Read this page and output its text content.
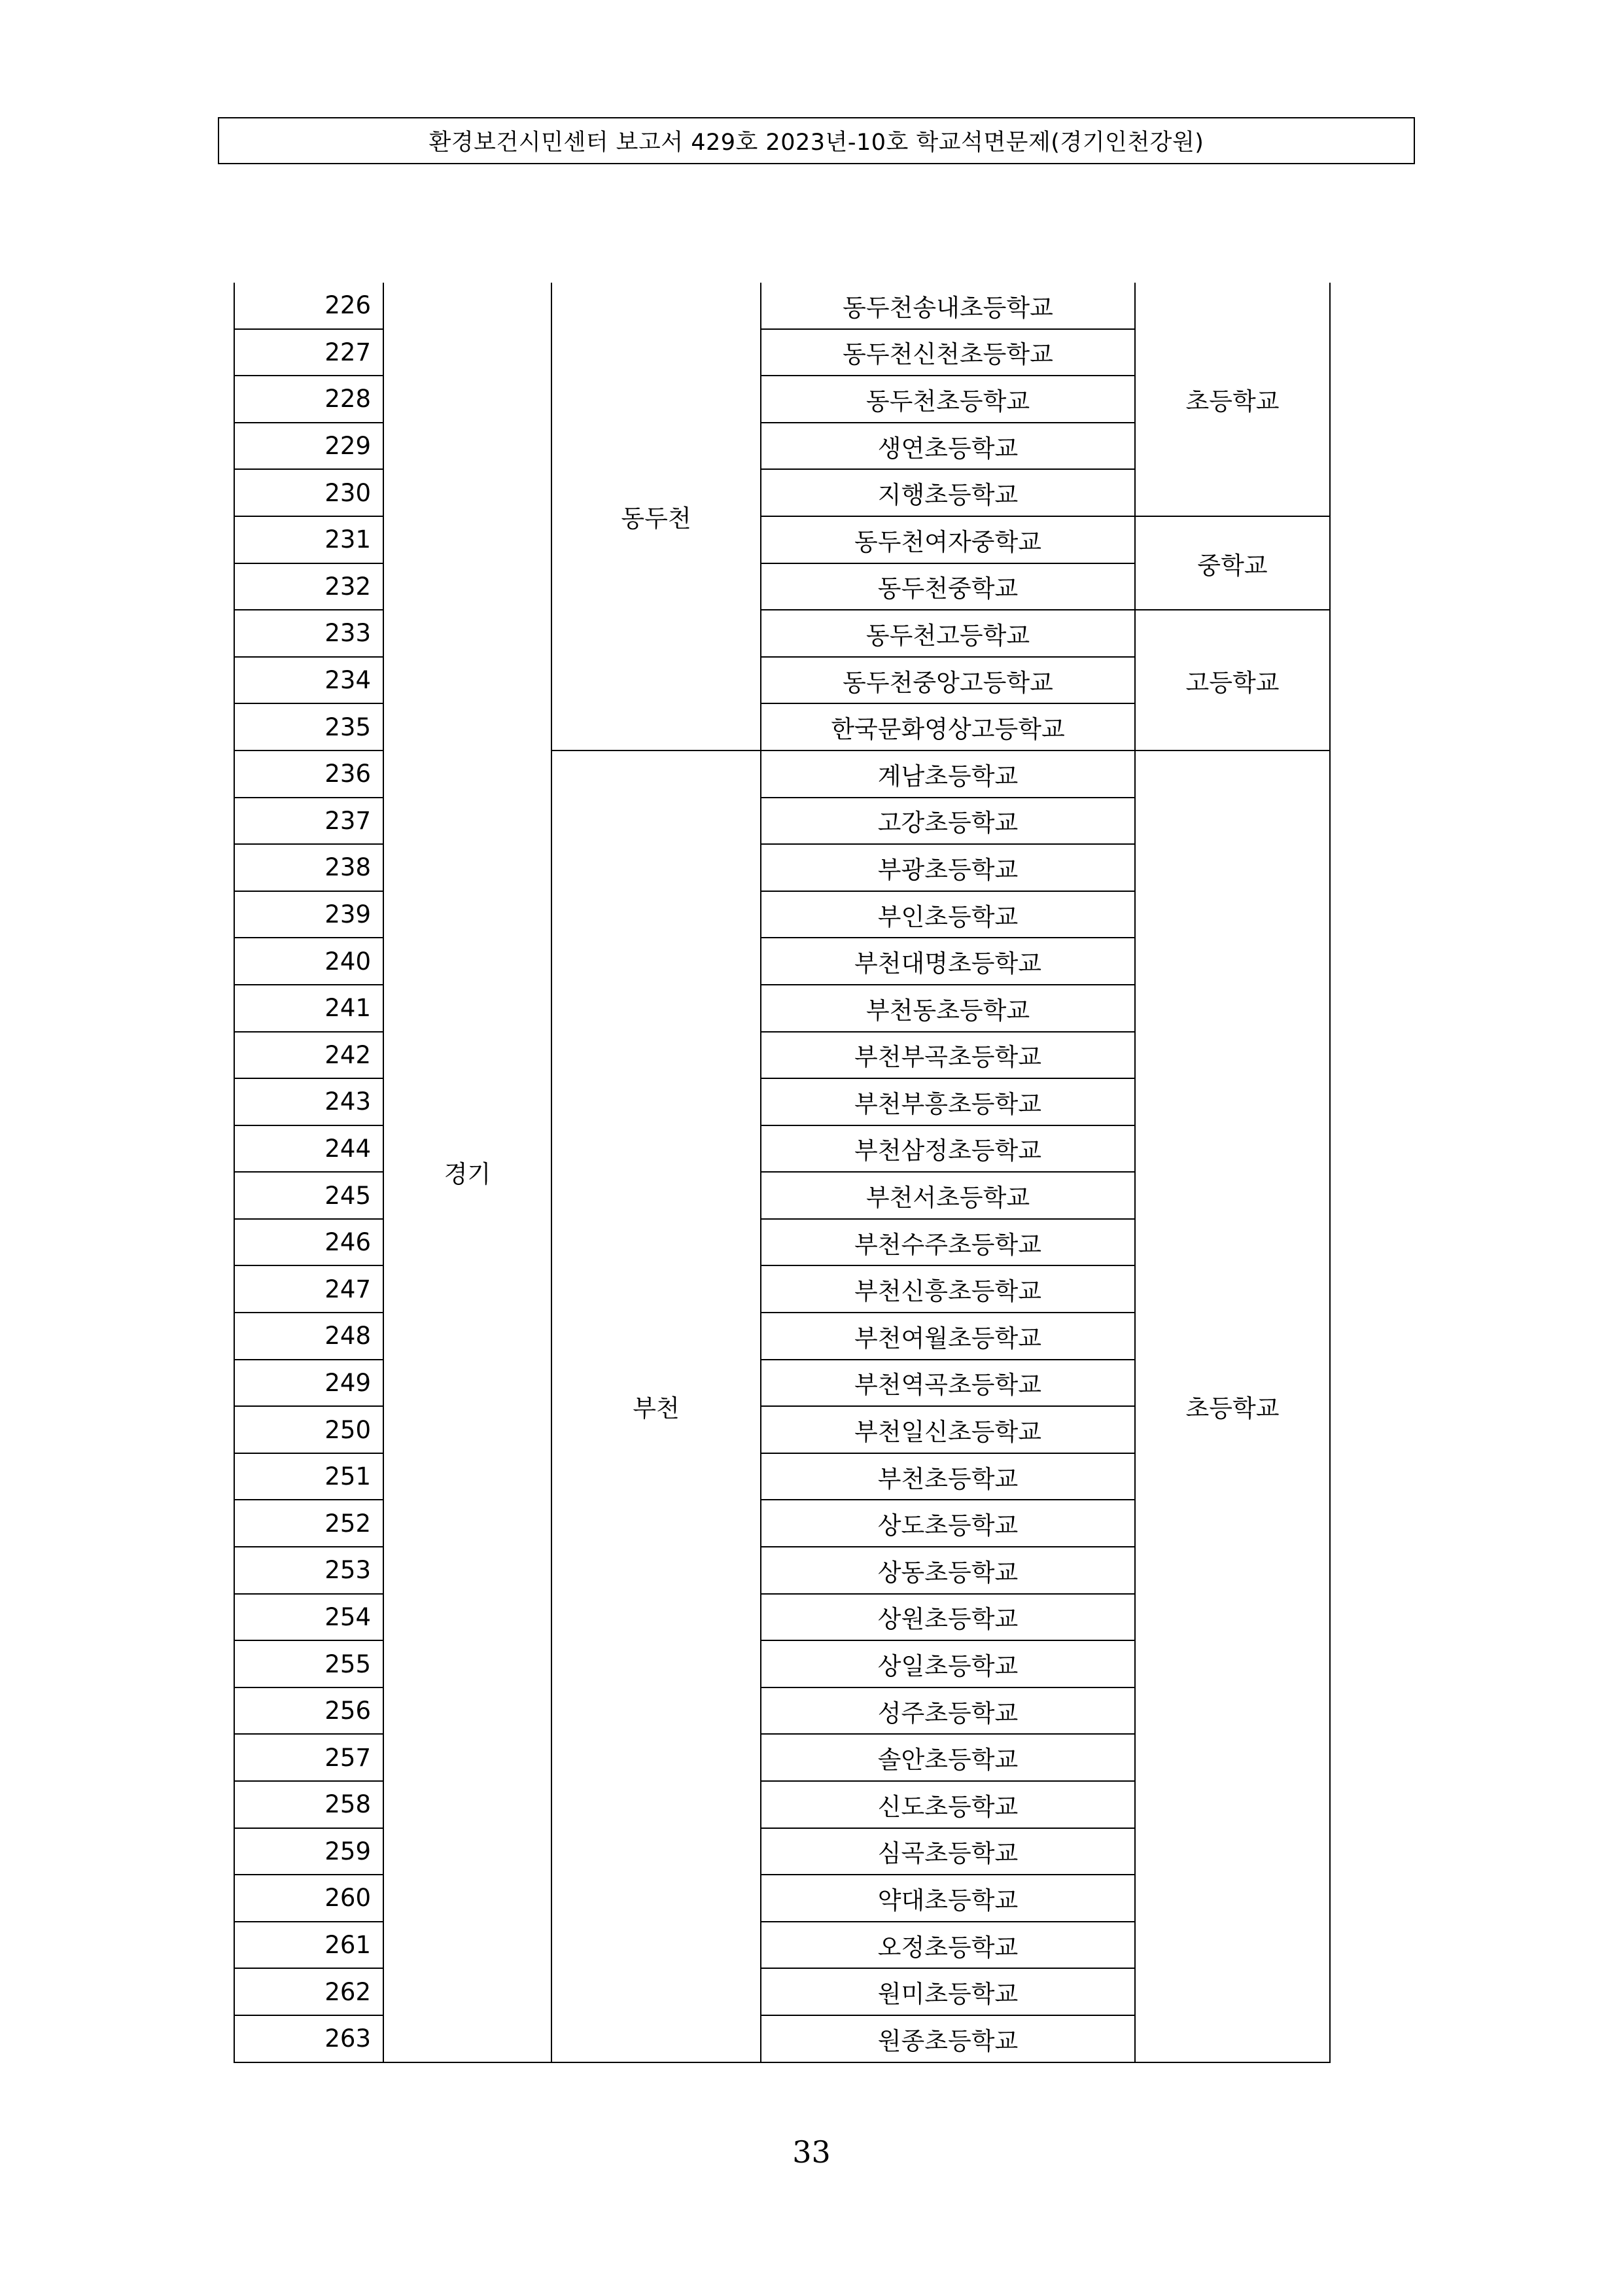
환경보건시민센터 보고서 429호 2023년-10호 학교석면문제(경기인천강원)
226	경기	동두천	동두천송내초등학교	초등학교
227			동두천신천초등학교	
228			동두천초등학교	
229			생연초등학교	
230			지행초등학교	
231			동두천여자중학교	중학교
232			동두천중학교	
233			동두천고등학교	고등학교
234			동두천중앙고등학교	
235			한국문화영상고등학교	
236		부천	계남초등학교	초등학교
237			고강초등학교	
238			부광초등학교	
239			부인초등학교	
240			부천대명초등학교	
241			부천동초등학교	
242			부천부곡초등학교	
243			부천부흥초등학교	
244			부천삼정초등학교	
245			부천서초등학교	
246			부천수주초등학교	
247			부천신흥초등학교	
248			부천여월초등학교	
249			부천역곡초등학교	
250			부천일신초등학교	
251			부천초등학교	
252			상도초등학교	
253			상동초등학교	
254			상원초등학교	
255			상일초등학교	
256			성주초등학교	
257			솔안초등학교	
258			신도초등학교	
259			심곡초등학교	
260			약대초등학교	
261			오정초등학교	
262			원미초등학교	
263			원종초등학교	
33
